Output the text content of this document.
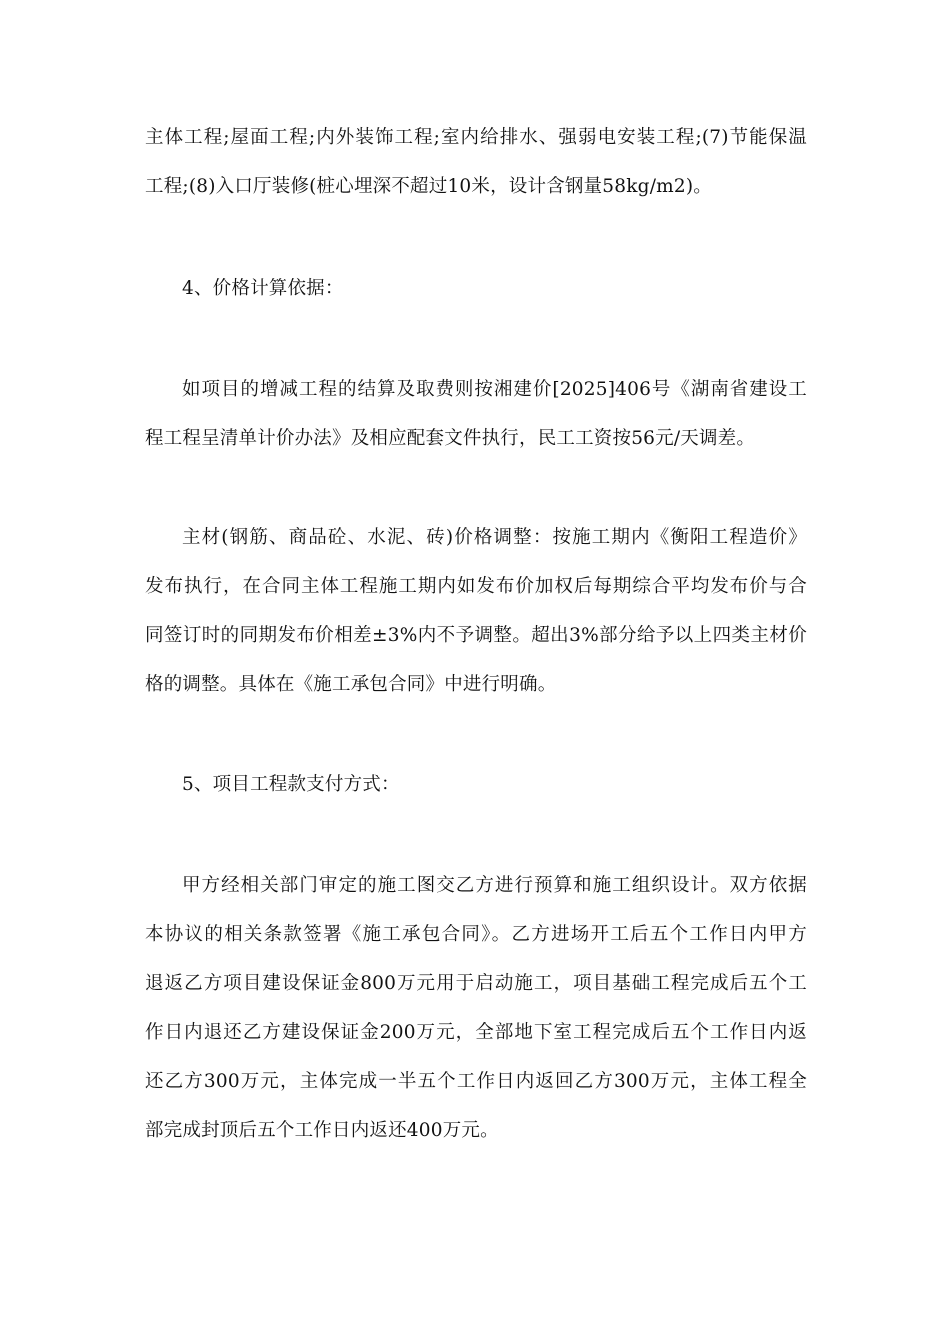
主体工程;屋面工程;内外装饰工程;室内给排水、强弱电安装工程;(7)节能保温
工程;(8)入口厅装修(桩心埋深不超过10米，设计含钢量58kg/m2)。
4、价格计算依据：
如项目的增减工程的结算及取费则按湘建价[2025]406号《湖南省建设工
程工程呈清单计价办法》及相应配套文件执行，民工工资按56元/天调差。
主材(钢筋、商品砼、水泥、砖)价格调整：按施工期内《衡阳工程造价》
发布执行，在合同主体工程施工期内如发布价加权后每期综合平均发布价与合
同签订时的同期发布价相差±3%内不予调整。超出3%部分给予以上四类主材价
格的调整。具体在《施工承包合同》中进行明确。
5、项目工程款支付方式：
甲方经相关部门审定的施工图交乙方进行预算和施工组织设计。双方依据
本协议的相关条款签署《施工承包合同》。乙方进场开工后五个工作日内甲方
退返乙方项目建设保证金800万元用于启动施工，项目基础工程完成后五个工
作日内退还乙方建设保证金200万元，全部地下室工程完成后五个工作日内返
还乙方300万元，主体完成一半五个工作日内返回乙方300万元，主体工程全
部完成封顶后五个工作日内返还400万元。
